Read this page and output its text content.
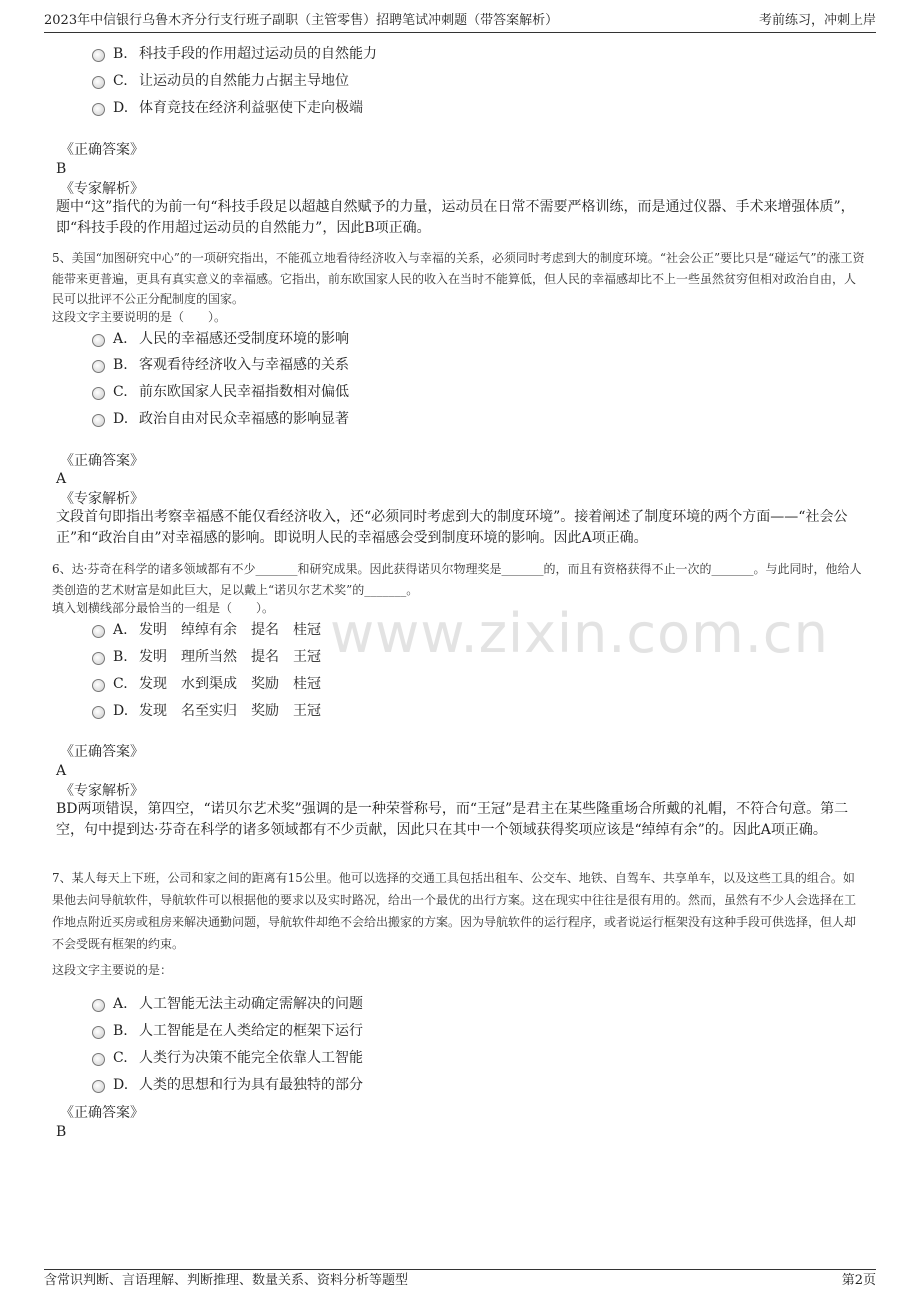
2023年中信银行乌鲁木齐分行支行班子副职（主管零售）招聘笔试冲刺题（带答案解析）	考前练习，冲刺上岸
www.zixin.com.cn
B. 科技手段的作用超过运动员的自然能力
C. 让运动员的自然能力占据主导地位
D. 体育竞技在经济利益驱使下走向极端
《正确答案》
B
《专家解析》
题中“这”指代的为前一句“科技手段足以超越自然赋予的力量，运动员在日常不需要严格训练，而是通过仪器、手术来增强体质”，即“科技手段的作用超过运动员的自然能力”，因此B项正确。
5、美国“加图研究中心”的一项研究指出，不能孤立地看待经济收入与幸福的关系，必须同时考虑到大的制度环境。“社会公正”要比只是“碰运气”的涨工资能带来更普遍，更具有真实意义的幸福感。它指出，前东欧国家人民的收入在当时不能算低，但人民的幸福感却比不上一些虽然贫穷但相对政治自由，人民可以批评不公正分配制度的国家。
这段文字主要说明的是（　　）。
A. 人民的幸福感还受制度环境的影响
B. 客观看待经济收入与幸福感的关系
C. 前东欧国家人民幸福指数相对偏低
D. 政治自由对民众幸福感的影响显著
《正确答案》
A
《专家解析》
文段首句即指出考察幸福感不能仅看经济收入，还“必须同时考虑到大的制度环境”。接着阐述了制度环境的两个方面——“社会公正”和“政治自由”对幸福感的影响。即说明人民的幸福感会受到制度环境的影响。因此A项正确。
6、达·芬奇在科学的诸多领域都有不少_______和研究成果。因此获得诺贝尔物理奖是_______的，而且有资格获得不止一次的_______。与此同时，他给人类创造的艺术财富是如此巨大，足以戴上“诺贝尔艺术奖”的_______。
填入划横线部分最恰当的一组是（　　）。
A. 发明　绰绰有余　提名　桂冠
B. 发明　理所当然　提名　王冠
C. 发现　水到渠成　奖励　桂冠
D. 发现　名至实归　奖励　王冠
《正确答案》
A
《专家解析》
BD两项错误，第四空，“诺贝尔艺术奖”强调的是一种荣誉称号，而“王冠”是君主在某些隆重场合所戴的礼帽，不符合句意。第二空，句中提到达·芬奇在科学的诸多领域都有不少贡献，因此只在其中一个领域获得奖项应该是“绰绰有余”的。因此A项正确。
7、某人每天上下班，公司和家之间的距离有15公里。他可以选择的交通工具包括出租车、公交车、地铁、自驾车、共享单车，以及这些工具的组合。如果他去问导航软件，导航软件可以根据他的要求以及实时路况，给出一个最优的出行方案。这在现实中往往是很有用的。然而，虽然有不少人会选择在工作地点附近买房或租房来解决通勤问题，导航软件却绝不会给出搬家的方案。因为导航软件的运行程序，或者说运行框架没有这种手段可供选择，但人却不会受既有框架的约束。
这段文字主要说的是：
A. 人工智能无法主动确定需解决的问题
B. 人工智能是在人类给定的框架下运行
C. 人类行为决策不能完全依靠人工智能
D. 人类的思想和行为具有最独特的部分
《正确答案》
B
含常识判断、言语理解、判断推理、数量关系、资料分析等题型	第2页
